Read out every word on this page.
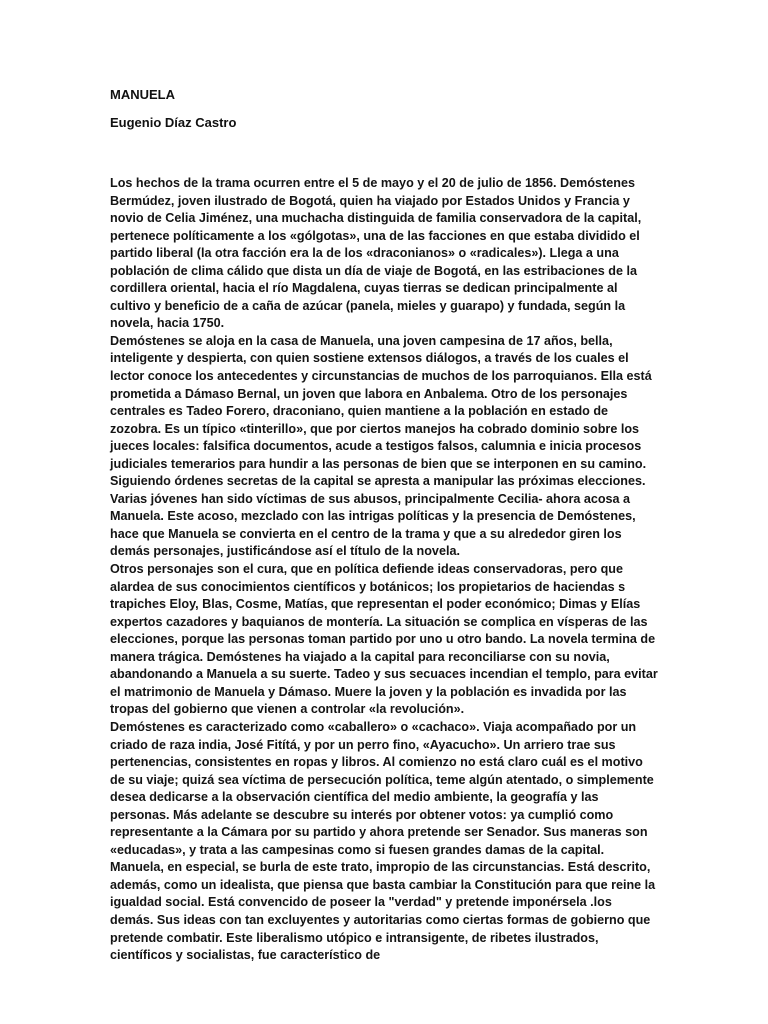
MANUELA
Eugenio Díaz Castro

Los hechos de la trama ocurren entre el 5 de mayo y el 20 de julio de 1856. Demóstenes Bermúdez, joven ilustrado de Bogotá, quien ha viajado por Estados Unidos y Francia y novio de Celia Jiménez, una muchacha distinguida de familia conservadora de la capital, pertenece políticamente a los «gólgotas», una de las facciones en que estaba dividido el partido liberal (la otra facción era la de los «draconianos» o «radicales»). Llega a una población de clima cálido que dista un día de viaje de Bogotá, en las estribaciones de la cordillera oriental, hacia el río Magdalena, cuyas tierras se dedican principalmente al cultivo y beneficio de a caña de azúcar (panela, mieles y guarapo) y fundada, según la novela, hacia 1750.

Demóstenes se aloja en la casa de Manuela, una joven campesina de 17 años, bella, inteligente y despierta, con quien sostiene extensos diálogos, a través de los cuales el lector conoce los antecedentes y circunstancias de muchos de los parroquianos. Ella está prometida a Dámaso Bernal, un joven que labora en Anbalema. Otro de los personajes centrales es Tadeo Forero, draconiano, quien mantiene a la población en estado de zozobra. Es un típico «tinterillo», que por ciertos manejos ha cobrado dominio sobre los jueces locales: falsifica documentos, acude a testigos falsos, calumnia e inicia procesos judiciales temerarios para hundir a las personas de bien que se interponen en su camino. Siguiendo órdenes secretas de la capital se apresta a manipular las próximas elecciones. Varias jóvenes han sido víctimas de sus abusos, principalmente Cecilia- ahora acosa a Manuela. Este acoso, mezclado con las intrigas políticas y la presencia de Demóstenes, hace que Manuela se convierta en el centro de la trama y que a su alrededor giren los demás personajes, justificándose así el título de la novela.

Otros personajes son el cura, que en política defiende ideas conservadoras, pero que alardea de sus conocimientos científicos y botánicos; los propietarios de haciendas s trapiches Eloy, Blas, Cosme, Matías, que representan el poder económico; Dimas y Elías expertos cazadores y baquianos de montería. La situación se complica en vísperas de las elecciones, porque las personas toman partido por uno u otro bando. La novela termina de manera trágica. Demóstenes ha viajado a la capital para reconciliarse con su novia, abandonando a Manuela a su suerte. Tadeo y sus secuaces incendian el templo, para evitar el matrimonio de Manuela y Dámaso. Muere la joven y la población es invadida por las tropas del gobierno que vienen a controlar «la revolución».

Demóstenes es caracterizado como «caballero» o «cachaco». Viaja acompañado por un criado de raza india, José Fitítá, y por un perro fino, «Ayacucho». Un arriero trae sus pertenencias, consistentes en ropas y libros. Al comienzo no está claro cuál es el motivo de su viaje; quizá sea víctima de persecución política, teme algún atentado, o simplemente desea dedicarse a la observación científica del medio ambiente, la geografía y las personas. Más adelante se descubre su interés por obtener votos: ya cumplió como representante a la Cámara por su partido y ahora pretende ser Senador. Sus maneras son «educadas», y trata a las campesinas como si fuesen grandes damas de la capital. Manuela, en especial, se burla de este trato, impropio de las circunstancias. Está descrito, además, como un idealista, que piensa que basta cambiar la Constitución para que reine la igualdad social. Está convencido de poseer la "verdad" y pretende imponérsela .los demás. Sus ideas con tan excluyentes y autoritarias como ciertas formas de gobierno que pretende combatir. Este liberalismo utópico e intransigente, de ribetes ilustrados, científicos y socialistas, fue característico de
